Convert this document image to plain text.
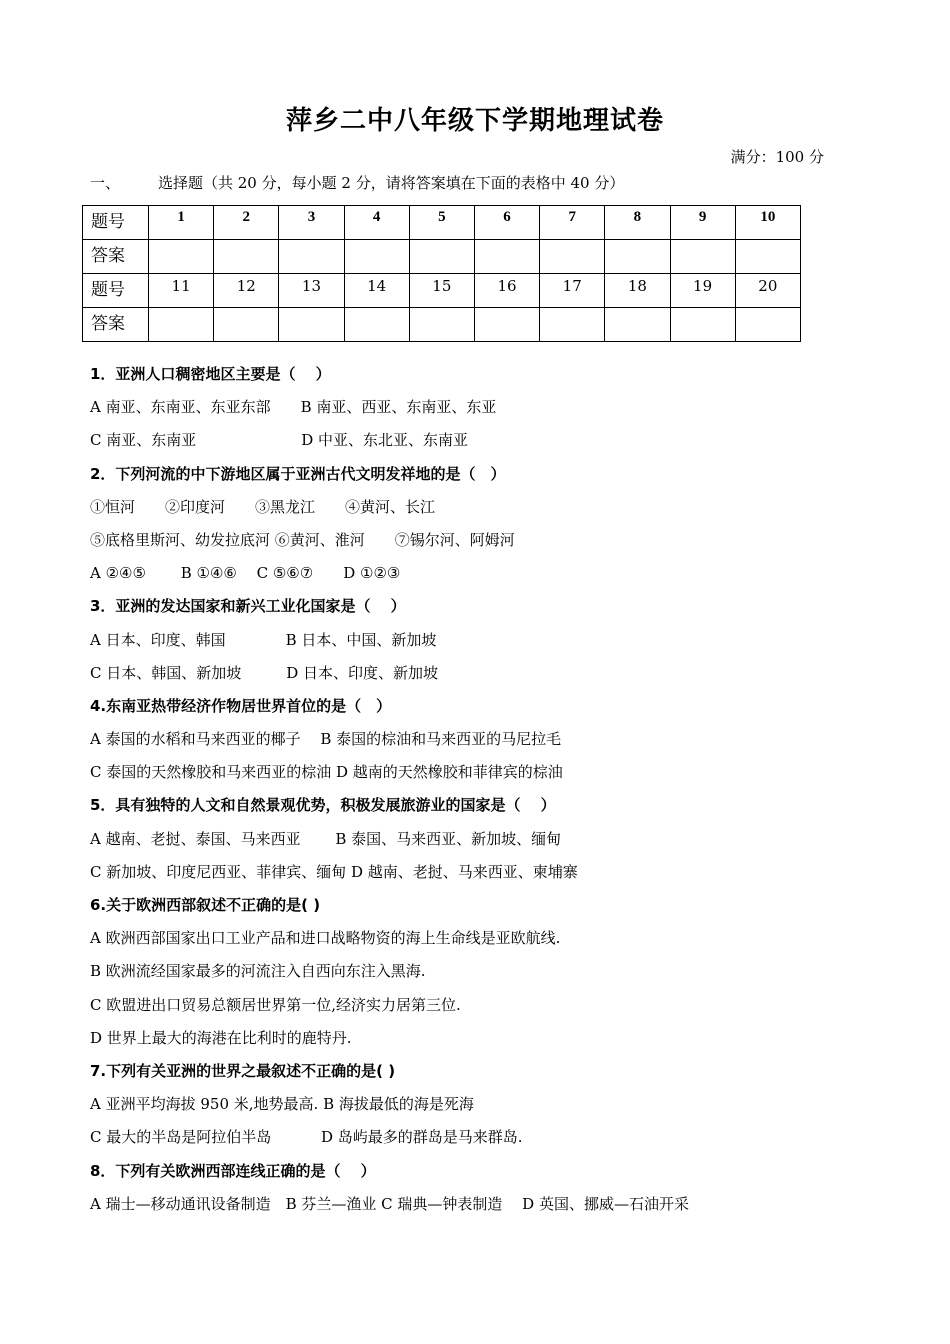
萍乡二中八年级下学期地理试卷
满分：100 分
一、	选择题（共 20 分，每小题 2 分，请将答案填在下面的表格中 40 分）
题号	1	2	3	4	5	6	7	8	9	10
答案										
题号	11	12	13	14	15	16	17	18	19	20
答案										
1．亚洲人口稠密地区主要是（　 ）
A 南亚、东南亚、东亚东部　　B 南亚、西亚、东南亚、东亚
C 南亚、东南亚　　　　　　　D 中亚、东北亚、东南亚
2．下列河流的中下游地区属于亚洲古代文明发祥地的是（　）
①恒河　　②印度河　　③黑龙江　　④黄河、长江
⑤底格里斯河、幼发拉底河 ⑥黄河、淮河　　⑦锡尔河、阿姆河
A ②④⑤　　 B ①④⑥　 C ⑤⑥⑦　　D ①②③
3．亚洲的发达国家和新兴工业化国家是（　 ）
A 日本、印度、韩国　　　　B 日本、中国、新加坡
C 日本、韩国、新加坡　　　D 日本、印度、新加坡
4.东南亚热带经济作物居世界首位的是（　）
A 泰国的水稻和马来西亚的椰子　 B 泰国的棕油和马来西亚的马尼拉毛
C 泰国的天然橡胶和马来西亚的棕油 D 越南的天然橡胶和菲律宾的棕油
5．具有独特的人文和自然景观优势，积极发展旅游业的国家是（　 ）
A 越南、老挝、泰国、马来西亚　　 B 泰国、马来西亚、新加坡、缅甸
C 新加坡、印度尼西亚、菲律宾、缅甸 D 越南、老挝、马来西亚、柬埔寨
6.关于欧洲西部叙述不正确的是( )
A 欧洲西部国家出口工业产品和进口战略物资的海上生命线是亚欧航线.
B 欧洲流经国家最多的河流注入自西向东注入黑海.
C 欧盟进出口贸易总额居世界第一位,经济实力居第三位.
D 世界上最大的海港在比利时的鹿特丹.
7.下列有关亚洲的世界之最叙述不正确的是( )
A 亚洲平均海拔 950 米,地势最高. B 海拔最低的海是死海
C 最大的半岛是阿拉伯半岛　　　 D 岛屿最多的群岛是马来群岛.
8．下列有关欧洲西部连线正确的是（　 ）
A 瑞士—移动通讯设备制造　B 芬兰—渔业 C 瑞典—钟表制造　 D 英国、挪威—石油开采
